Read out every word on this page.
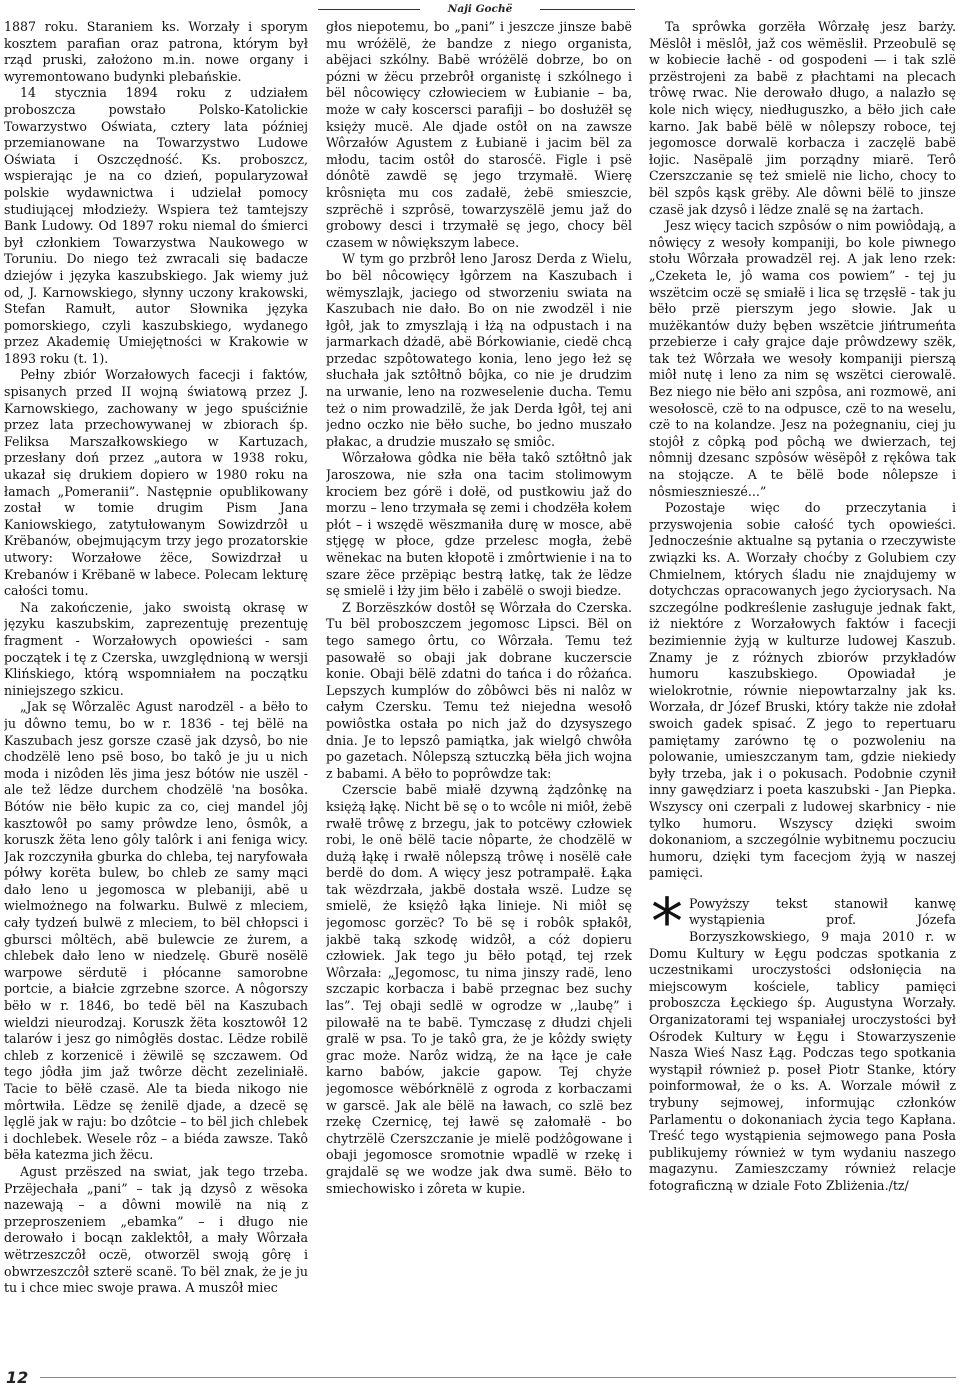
Naji Gochë

1887 roku. Staraniem ks. Worzały i sporym kosztem parafian oraz patrona, którym był rząd pruski, założono m.in. nowe organy i wyremontowano budynki plebańskie.

14 stycznia 1894 roku z udziałem proboszcza powstało Polsko-Katolickie Towarzystwo Oświata, cztery lata później przemianowane na Towarzystwo Ludowe Oświata i Oszczędność. Ks. proboszcz, wspierając je na co dzień, popularyzował polskie wydawnictwa i udzielał pomocy studiującej młodzieży. Wspiera też tamtejszy Bank Ludowy. Od 1897 roku niemal do śmierci był członkiem Towarzystwa Naukowego w Toruniu. Do niego też zwracali się badacze dziejów i języka kaszubskiego. Jak wiemy już od, J. Karnowskiego, słynny uczony krakowski, Stefan Ramułt, autor Słownika języka pomorskiego, czyli kaszubskiego, wydanego przez Akademię Umiejętności w Krakowie w 1893 roku (t. 1).

Pełny zbiór Worzałowych facecji i faktów, spisanych przed II wojną światową przez J. Karnowskiego, zachowany w jego spuściźnie przez lata przechowywanej w zbiorach śp. Feliksa Marszałkowskiego w Kartuzach, przesłany doń przez „autora w 1938 roku, ukazał się drukiem dopiero w 1980 roku na łamach „Pomeranii”. Następnie opublikowany został w tomie drugim Pism Jana Kaniowskiego, zatytułowanym Sowizdrzôł u Krëbanów, obejmującym trzy jego prozatorskie utwory: Worzałowe żëce, Sowizdrzał u Krebanów i Krëbanë w labece. Polecam lekturę całości tomu.

Na zakończenie, jako swoistą okrasę w języku kaszubskim, zaprezentuję prezentuję fragment - Worzałowych opowieści - sam początek i tę z Czerska, uwzględnioną w wersji Klińskiego, którą wspomniałem na początku niniejszego szkicu.

„Jak sę Wôrzalëc Agust narodzël - a bëło to ju dôwno temu, bo w r. 1836 - tej bëlë na Kaszubach jesz gorsze czasë jak dzysô, bo nie chodzëlë leno psë boso, bo takô je ju u nich moda i nizôden lës jima jesz bótów nie uszël - ale tež lëdze durchem chodzëlë 'na bosôka. Bótów nie bëło kupic za co, ciej mandel jôj kasztowôł po samy prôwdze leno, ôsmôk, a koruszk žëta leno gôly talôrk i ani feniga wicy. Jak rozczyniła gburka do chleba, tej naryfowała półwy korëta bulew, bo chleb ze samy mąci dało leno u jegomosca w plebaniji, abë u wielmożnego na folwarku. Bulwë z mleciem, cały tydzeń bulwë z mleciem, to bël chłopsci i gbursci môltëch, abë bulewcie ze żurem, a chlebek dało leno w niedzelę. Gburë nosëlë warpowe sërdutë i płócanne samorobne portcie, a białcie zgrzebne szorce. A nôgorszy bëło w r. 1846, bo tedë bël na Kaszubach wieldzi nieurodzaj. Koruszk žëta kosztowôł 12 talarów i jesz go nimôgłës dostac. Lëdze robilë chleb z korzenicë i żëwilë sę szczawem. Od tego jôdła jim jaž twôrze dëcht zezeliniałë. Tacie to bëłë czasë. Ale ta bieda nikogo nie môrtwiła. Lëdze sę żenilë djade, a dzecë sę lęglë jak w raju: bo dzôtcie – to bël jich chlebek i dochlebek. Wesele rôz – a biéda zawsze. Takô bëła katezma jich žëcu.

Agust przëszed na swiat, jak tego trzeba. Przëjechała „pani” – tak ją dzysô z wësoka nazewają – a dôwni mowilë na nią z przeproszeniem „ebamka” – i długo nie derowało i bocąn zaklektôł, a mały Wôrzała wëtrzeszczôł oczë, otworzël swoją gôrę i obwrzeszczôł szterë scanë. To bël znak, że je ju tu i chce miec swoje prawa. A muszôł miec

głos niepotemu, bo „pani” i jeszcze jinsze babë mu wróżëlë, że bandze z niego organista, abëjaci szkólny. Babë wróżëlë dobrze, bo on pózni w żëcu przebrôł organistę i szkólnego i bël nôcowięcy człowieciem w Łubianie – ba, może w cały koscersci parafiji – bo dosłużëł sę księży mucë. Ale djade ostôł on na zawsze Wôrzałów Agustem z Łubianë i jacim bël za młodu, tacim ostôł do starosćë. Figle i psë dónôtë zawdë sę jego trzymałë. Wierę krôsnięta mu cos zadałë, żebë smieszcie, szprëchë i szprôsë, towarzyszëlë jemu jaž do grobowy desci i trzymałë sę jego, chocy bël czasem w nôwiększym labece.

W tym go przbrôł leno Jarosz Derda z Wielu, bo bël nôcowięcy łgôrzem na Kaszubach i wëmyszlajk, jaciego od stworzeniu swiata na Kaszubach nie dało. Bo on nie zwodzël i nie łgôł, jak to zmyszlają i łżą na odpustach i na jarmarkach dżadë, abë Bórkowianie, ciedë chcą przedac szpôtowatego konia, leno jego łeż sę słuchała jak sztôłtnô bôjka, co nie je drudzim na urwanie, leno na rozweselenie ducha. Temu też o nim prowadzilë, že jak Derda łgôł, tej ani jedno oczko nie bëło suche, bo jedno muszało płakac, a drudzie muszało sę smiôc.

Wôrzałowa gôdka nie bëła takô sztôłtnô jak Jaroszowa, nie szła ona tacim stolimowym krociem bez górë i dołë, od pustkowiu jaž do morzu – leno trzymała sę zemi i chodzëła kołem płót – i wszędë wëszmaniła durę w mosce, abë stjęgę w płoce, gdze przelesc mogła, żebë wënekac na buten kłopotë i zmôrtwienie i na to szare żëce przëpiąc bestrą łatkę, tak że lëdze sę smielë i łży jim bëło i zabëlë o swoji biedze.

Z Borzëszków dostôł sę Wôrzała do Czerska. Tu bël proboszczem jegomosc Lipsci. Bël on tego samego ôrtu, co Wôrzała. Temu też pasowałë so obaji jak dobrane kuczerscie konie. Obaji bëlë zdatni do tańca i do rôżańca. Lepszych kumplów do zôbôwci bës ni nalôz w całym Czersku. Temu też niejedna wesołô powiôstka ostała po nich jaž do dzysyszego dnia. Je to lepszô pamiątka, jak wielgô chwôła po gazetach. Nôlepszą sztuczką bëła jich wojna z babami. A bëło to poprôwdze tak:

Czerscie babë miałë dzywną żądzônkę na księżą łąkę. Nicht bë sę o to wcôle ni miôł, żebë rwałë trôwę z brzegu, jak to potcëwy człowiek robi, le onë bëlë tacie nôparte, że chodzëlë w dużą łąkę i rwałë nôlepszą trôwę i nosëlë całe berdë do dom. A więcy jesz potrampałë. Łąka tak wëzdrzała, jakbë dostała wszë. Ludze sę smielë, że księżô łąka linieje. Ni miôł sę jegomosc gorzëc? To bë sę i robôk spłakôł, jakbë taką szkodę widzôł, a cóż dopieru człowiek. Jak tego ju bëło potąd, tej rzek Wôrzała: „Jegomosc, tu nima jinszy radë, leno szczapic korbacza i babë przegnac bez suchy las”. Tej obaji sedlë w ogrodze w ,,laubę” i pilowałë na te babë. Tymczasę z dłudzi chjeli gralë w psa. To je takô gra, że je kôżdy swięty grac może. Narôz widzą, że na łące je całe karno babów, jakcie gapow. Tej chyże jegomosce wëbórknëlë z ogroda z korbaczami w garscë. Jak ale bëlë na ławach, co szlë bez rzekę Czernicę, tej ławë sę załomałë - bo chytrzëlë Czerszczanie je mielë podżôgowane i obaji jegomosce sromotnie wpadlë w rzekę i grajdalë sę we wodze jak dwa sumë. Bëło to smiechowisko i zôreta w kupie.

Ta sprôwka gorzëła Wôrzałę jesz barży. Mëslôł i mëslôł, jaž cos wëmëslił. Przeobulë sę w kobiecie łachë - od gospodeni — i tak szlë przëstrojeni za babë z płachtami na plecach trôwę rwac. Nie derowało długo, a nalazło sę kole nich więcy, niedługuszko, a bëło jich całe karno. Jak babë bëlë w nôlepszy roboce, tej jegomosce dorwalë korbacza i zaczęlë babë łojic. Nasëpalë jim porządny miarë. Terô Czerszczanie sę też smielë nie licho, chocy to bël szpôs kąsk grëby. Ale dôwni bëlë to jinsze czasë jak dzysô i lëdze znalë sę na żartach.

Jesz więcy tacich szpôsów o nim powiôdają, a nôwięcy z wesoły kompaniji, bo kole piwnego stołu Wôrzała prowadzël rej. A jak leno rzek: „Czeketa le, jô wama cos powiem” - tej ju wszëtcim oczë sę smiałë i lica sę trzęsłë - tak ju bëło przë pierszym jego słowie. Jak u mużëkantów duży bęben wszëtcie jińtrumeńta przebierze i cały grajce daje prôwdzewy szëk, tak też Wôrzała we wesoły kompaniji pierszą miôł nutę i leno za nim sę wszëtci cierowalë. Bez niego nie bëło ani szpôsa, ani rozmowë, ani wesołoscë, czë to na odpusce, czë to na weselu, czë to na kolandze. Jesz na pożegnaniu, ciej ju stojôł z côpką pod pôchą we dwierzach, tej nômnij dzesanc szpôsów wësëpôł z rękôwa tak na stojącze. A te bëlë bode nôlepsze i nôsmiesznieszé...”

Pozostaje więc do przeczytania i przyswojenia sobie całość tych opowieści. Jednocześnie aktualne są pytania o rzeczywiste związki ks. A. Worzały choćby z Golubiem czy Chmielnem, których śladu nie znajdujemy w dotychczas opracowanych jego życiorysach. Na szczególne podkreślenie zasługuje jednak fakt, iż niektóre z Worzałowych faktów i facecji bezimiennie żyją w kulturze ludowej Kaszub. Znamy je z różnych zbiorów przykładów humoru kaszubskiego. Opowiadał je wielokrotnie, równie niepowtarzalny jak ks. Worzała, dr Józef Bruski, który także nie zdołał swoich gadek spisać. Z jego to repertuaru pamiętamy zarówno tę o pozwoleniu na polowanie, umieszczanym tam, gdzie niekiedy były trzeba, jak i o pokusach. Podobnie czynił inny gawędziarz i poeta kaszubski - Jan Piepka. Wszyscy oni czerpali z ludowej skarbnicy - nie tylko humoru. Wszyscy dzięki swoim dokonaniom, a szczególnie wybitnemu poczuciu humoru, dzięki tym facecjom żyją w naszej pamięci.

* Powyższy tekst stanowił kanwę wystąpienia prof. Józefa Borzyszkowskiego, 9 maja 2010 r. w Domu Kultury w Łęgu podczas spotkania z uczestnikami uroczystości odsłonięcia na miejscowym kościele, tablicy pamięci proboszcza Łęckiego śp. Augustyna Worzały. Organizatorami tej wspaniałej uroczystości był Ośrodek Kultury w Łęgu i Stowarzyszenie Nasza Wieś Nasz Łąg. Podczas tego spotkania wystąpił również p. poseł Piotr Stanke, który poinformował, że o ks. A. Worzale mówił z trybuny sejmowej, informując członków Parlamentu o dokonaniach życia tego Kapłana. Treść tego wystąpienia sejmowego pana Posła publikujemy również w tym wydaniu naszego magazynu. Zamieszczamy również relacje fotograficzną w dziale Foto Zbliżenia./tz/

12
